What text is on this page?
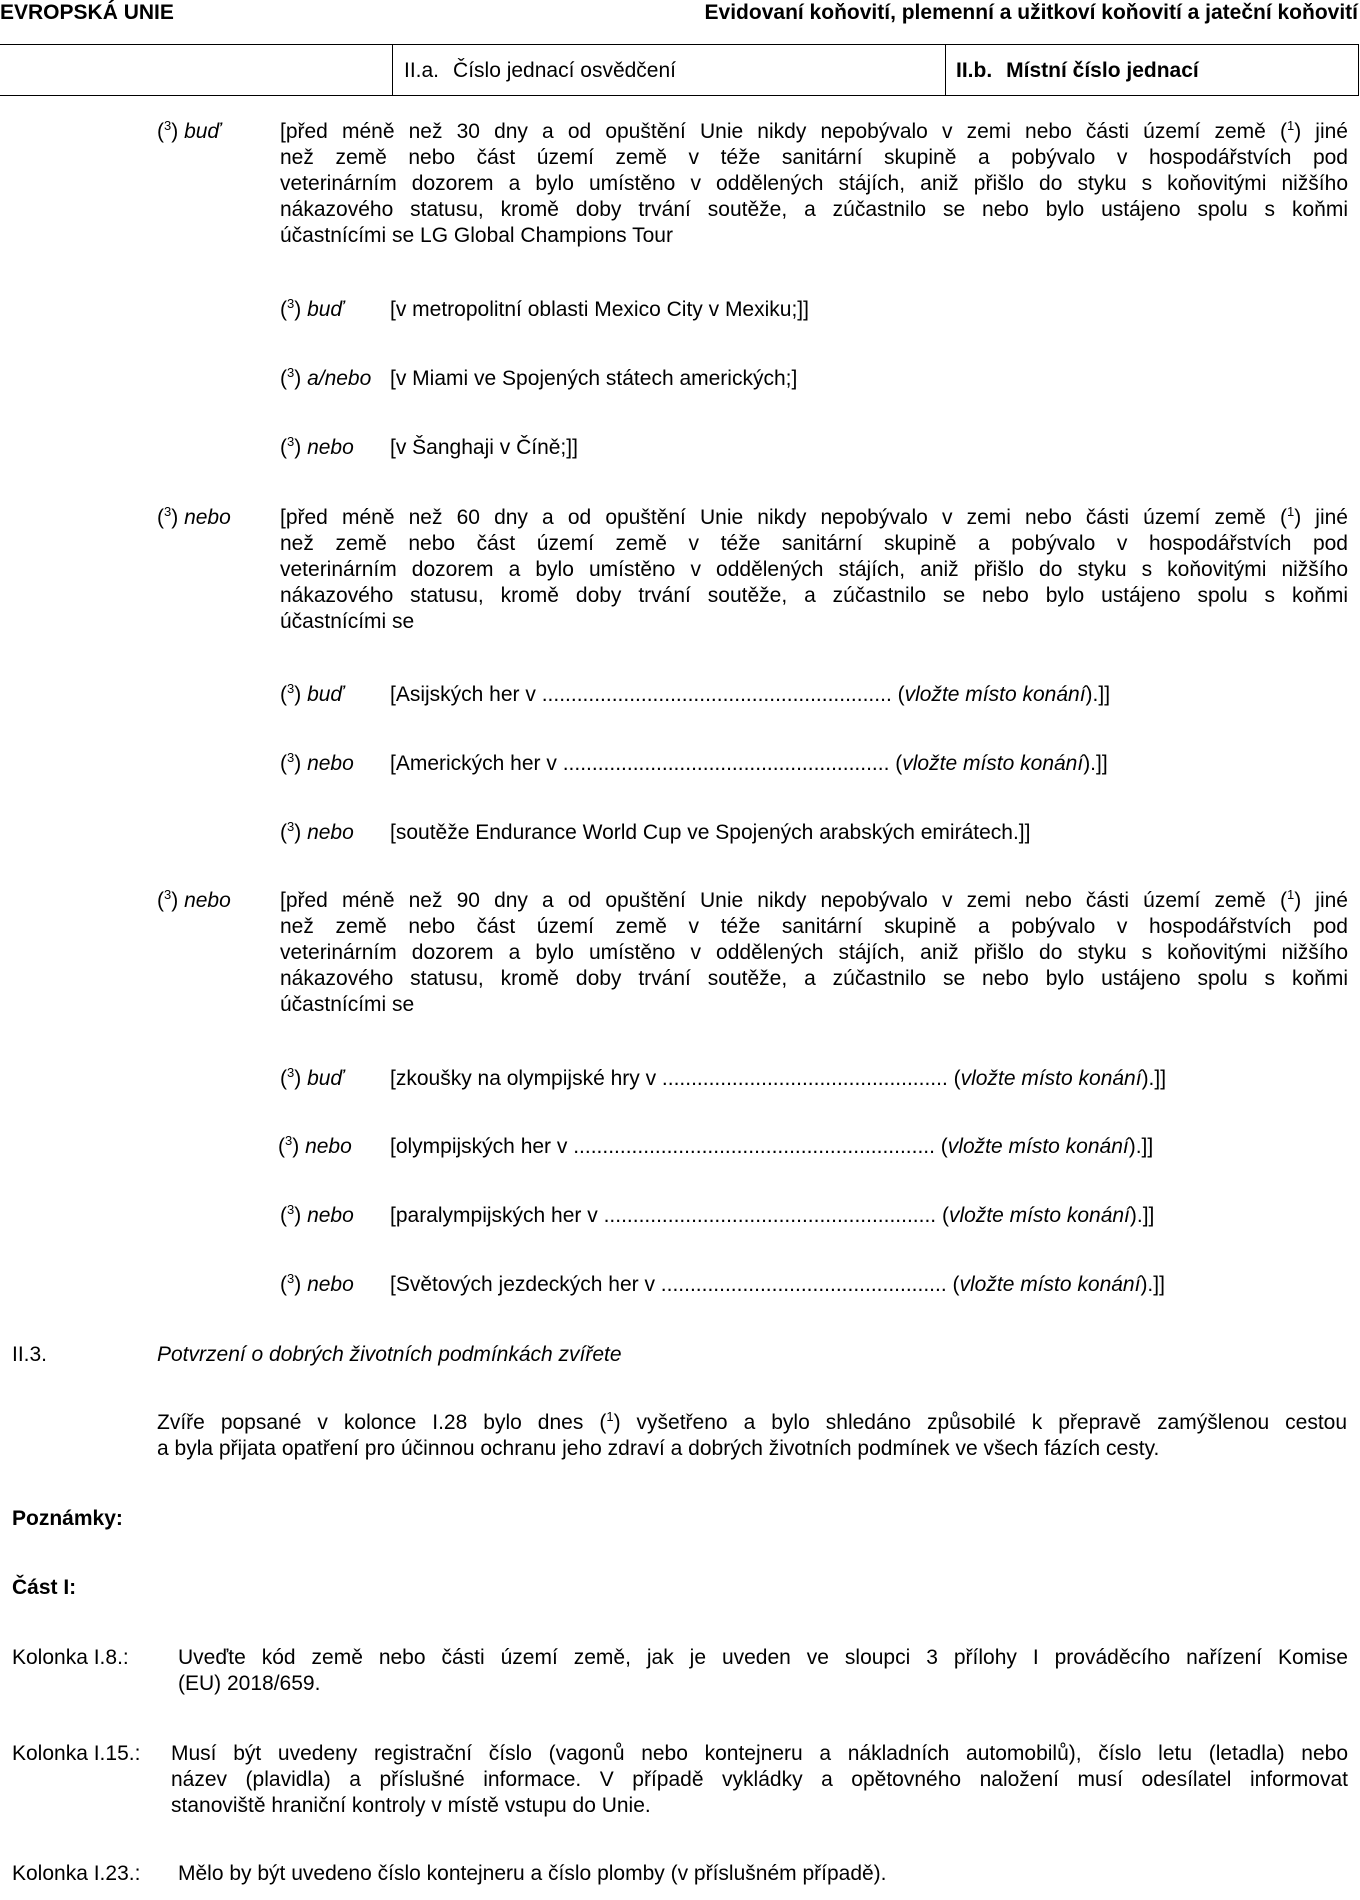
EVROPSKÁ UNIE	Evidovaní koňovití, plemenní a užitkoví koňovití a jateční koňovití
II.a. Číslo jednací osvědčení	II.b. Místní číslo jednací
($^3$) buď	[před méně než 30 dny a od opuštění Unie nikdy nepobývalo v zemi nebo části území země ($^1$) jiné
než země nebo část území země v téže sanitární skupině a pobývalo v hospodářstvích pod
veterinárním dozorem a bylo umístěno v oddělených stájích, aniž přišlo do styku s koňovitými nižšího
nákazového statusu, kromě doby trvání soutěže, a zúčastnilo se nebo bylo ustájeno spolu s koňmi
účastnícími se LG Global Champions Tour
($^3$) buď [v metropolitní oblasti Mexico City v Mexiku;]]
($^3$) a/nebo [v Miami ve Spojených státech amerických;]
($^3$) nebo [v Šanghaji v Číně;]]
($^3$) nebo [před méně než 60 dny a od opuštění Unie nikdy nepobývalo v zemi nebo části území země ($^1$) jiné
než země nebo část území země v téže sanitární skupině a pobývalo v hospodářstvích pod
veterinárním dozorem a bylo umístěno v oddělených stájích, aniž přišlo do styku s koňovitými nižšího
nákazového statusu, kromě doby trvání soutěže, a zúčastnilo se nebo bylo ustájeno spolu s koňmi
účastnícími se
($^3$) buď [Asijských her v ............................................................ (vložte místo konání).]]
($^3$) nebo [Amerických her v ........................................................ (vložte místo konání).]]
($^3$) nebo [soutěže Endurance World Cup ve Spojených arabských emirátech.]]
($^3$) nebo [před méně než 90 dny a od opuštění Unie nikdy nepobývalo v zemi nebo části území země ($^1$) jiné
než země nebo část území země v téže sanitární skupině a pobývalo v hospodářstvích pod
veterinárním dozorem a bylo umístěno v oddělených stájích, aniž přišlo do styku s koňovitými nižšího
nákazového statusu, kromě doby trvání soutěže, a zúčastnilo se nebo bylo ustájeno spolu s koňmi
účastnícími se
($^3$) buď [zkoušky na olympijské hry v ................................................. (vložte místo konání).]]
($^3$) nebo [olympijských her v .............................................................. (vložte místo konání).]]
($^3$) nebo [paralympijských her v ......................................................... (vložte místo konání).]]
($^3$) nebo [Světových jezdeckých her v ................................................. (vložte místo konání).]]
II.3.	Potvrzení o dobrých životních podmínkách zvířete
Zvíře popsané v kolonce I.28 bylo dnes ($^1$) vyšetřeno a bylo shledáno způsobilé k přepravě zamýšlenou cestou
a byla přijata opatření pro účinnou ochranu jeho zdraví a dobrých životních podmínek ve všech fázích cesty.
Poznámky:
Část I:
Kolonka I.8.: Uveďte kód země nebo části území země, jak je uveden ve sloupci 3 přílohy I prováděcího nařízení Komise
(EU) 2018/659.
Kolonka I.15.: Musí být uvedeny registrační číslo (vagonů nebo kontejneru a nákladních automobilů), číslo letu (letadla) nebo
název (plavidla) a příslušné informace. V případě vykládky a opětovného naložení musí odesílatel informovat
stanoviště hraniční kontroly v místě vstupu do Unie.
Kolonka I.23.: Mělo by být uvedeno číslo kontejneru a číslo plomby (v příslušném případě).
